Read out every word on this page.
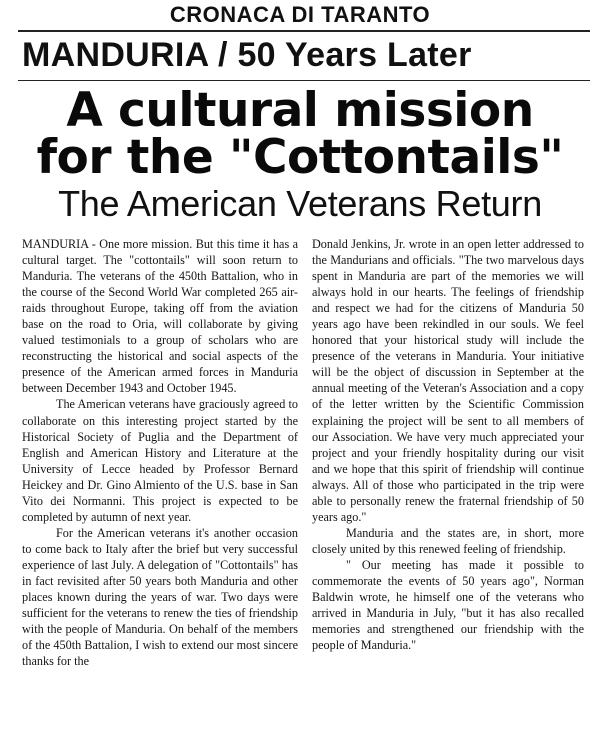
CRONACA DI TARANTO
MANDURIA / 50 Years Later
A cultural mission
for the "Cottontails"
The American Veterans Return

MANDURIA - One more mission. But this time it has a cultural target. The "cottontails" will soon return to Manduria. The veterans of the 450th Battalion, who in the course of the Second World War completed 265 air-raids throughout Europe, taking off from the aviation base on the road to Oria, will collaborate by giving valued testimonials to a group of scholars who are reconstructing the historical and social aspects of the presence of the American armed forces in Manduria between December 1943 and October 1945.

The American veterans have graciously agreed to collaborate on this interesting project started by the Historical Society of Puglia and the Department of English and American History and Literature at the University of Lecce headed by Professor Bernard Heickey and Dr. Gino Almiento of the U.S. base in San Vito dei Normanni. This project is expected to be completed by autumn of next year.

For the American veterans it's another occasion to come back to Italy after the brief but very successful experience of last July. A delegation of "Cottontails" has in fact revisited after 50 years both Manduria and other places known during the years of war. Two days were sufficient for the veterans to renew the ties of friendship with the people of Manduria. On behalf of the members of the 450th Battalion, I wish to extend our most sincere thanks for the

Donald Jenkins, Jr. wrote in an open letter addressed to the Mandurians and officials. "The two marvelous days spent in Manduria are part of the memories we will always hold in our hearts. The feelings of friendship and respect we had for the citizens of Manduria 50 years ago have been rekindled in our souls. We feel honored that your historical study will include the presence of the veterans in Manduria. Your initiative will be the object of discussion in September at the annual meeting of the Veteran's Association and a copy of the letter written by the Scientific Commission explaining the project will be sent to all members of our Association. We have very much appreciated your project and your friendly hospitality during our visit and we hope that this spirit of friendship will continue always. All of those who participated in the trip were able to personally renew the fraternal friendship of 50 years ago."

Manduria and the states are, in short, more closely united by this renewed feeling of friendship.

" Our meeting has made it possible to commemorate the events of 50 years ago", Norman Baldwin wrote, he himself one of the veterans who arrived in Manduria in July, "but it has also recalled memories and strengthened our friendship with the people of Manduria."
